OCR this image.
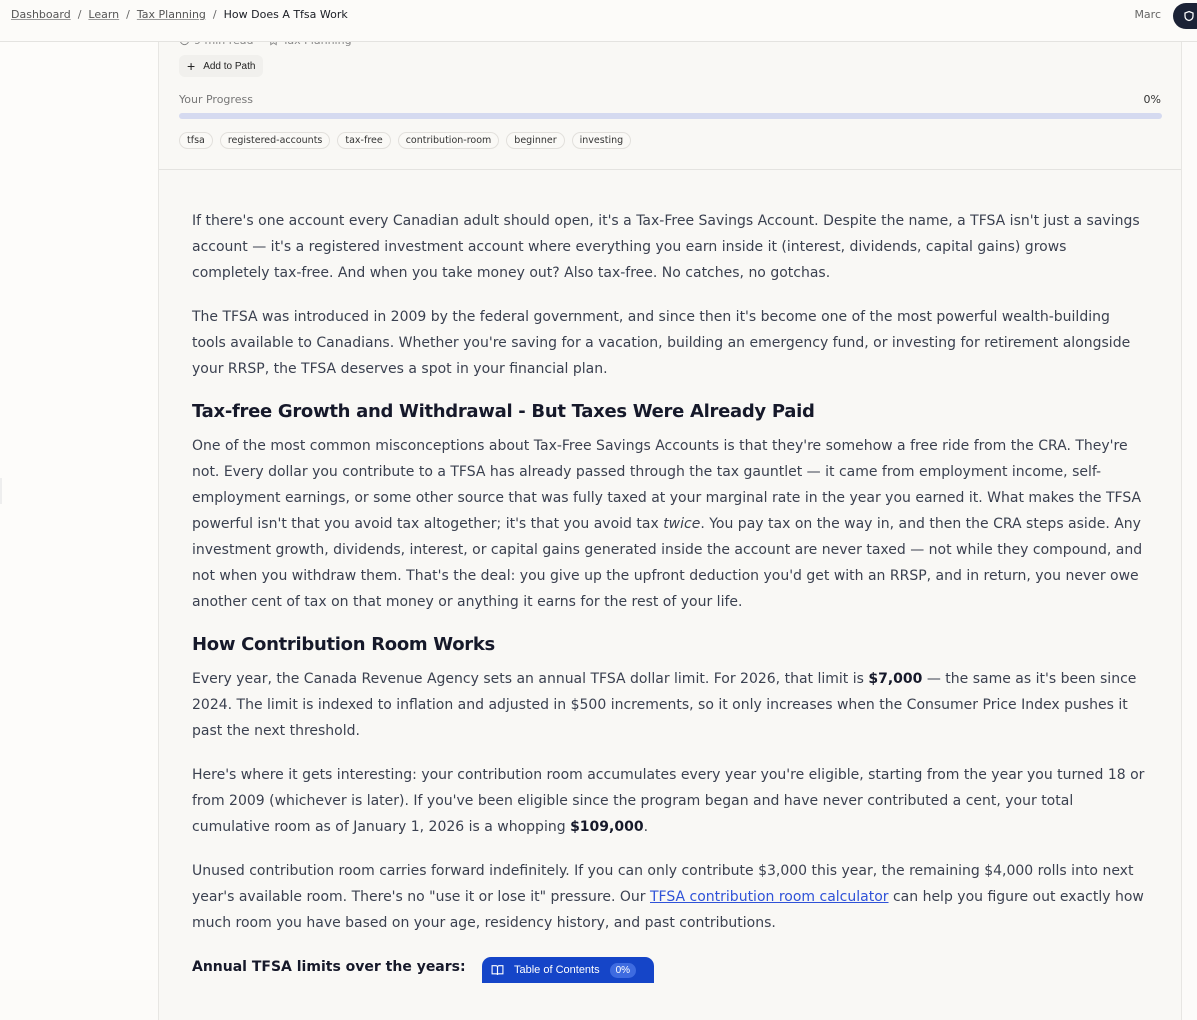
Dashboard / Learn / Tax Planning / How Does A Tfsa Work	Marc
+ Add to Path
Your Progress	0%
tfsa	registered-accounts	tax-free	contribution-room	beginner	investing

If there's one account every Canadian adult should open, it's a Tax-Free Savings Account. Despite the name, a TFSA isn't just a savings account — it's a registered investment account where everything you earn inside it (interest, dividends, capital gains) grows completely tax-free. And when you take money out? Also tax-free. No catches, no gotchas.

The TFSA was introduced in 2009 by the federal government, and since then it's become one of the most powerful wealth-building tools available to Canadians. Whether you're saving for a vacation, building an emergency fund, or investing for retirement alongside your RRSP, the TFSA deserves a spot in your financial plan.

Tax-free Growth and Withdrawal - But Taxes Were Already Paid

One of the most common misconceptions about Tax-Free Savings Accounts is that they're somehow a free ride from the CRA. They're not. Every dollar you contribute to a TFSA has already passed through the tax gauntlet — it came from employment income, self-employment earnings, or some other source that was fully taxed at your marginal rate in the year you earned it. What makes the TFSA powerful isn't that you avoid tax altogether; it's that you avoid tax twice. You pay tax on the way in, and then the CRA steps aside. Any investment growth, dividends, interest, or capital gains generated inside the account are never taxed — not while they compound, and not when you withdraw them. That's the deal: you give up the upfront deduction you'd get with an RRSP, and in return, you never owe another cent of tax on that money or anything it earns for the rest of your life.

How Contribution Room Works

Every year, the Canada Revenue Agency sets an annual TFSA dollar limit. For 2026, that limit is $7,000 — the same as it's been since 2024. The limit is indexed to inflation and adjusted in $500 increments, so it only increases when the Consumer Price Index pushes it past the next threshold.

Here's where it gets interesting: your contribution room accumulates every year you're eligible, starting from the year you turned 18 or from 2009 (whichever is later). If you've been eligible since the program began and have never contributed a cent, your total cumulative room as of January 1, 2026 is a whopping $109,000.

Unused contribution room carries forward indefinitely. If you can only contribute $3,000 this year, the remaining $4,000 rolls into next year's available room. There's no "use it or lose it" pressure. Our TFSA contribution room calculator can help you figure out exactly how much room you have based on your age, residency history, and past contributions.

Annual TFSA limits over the years:	Table of Contents	0%
